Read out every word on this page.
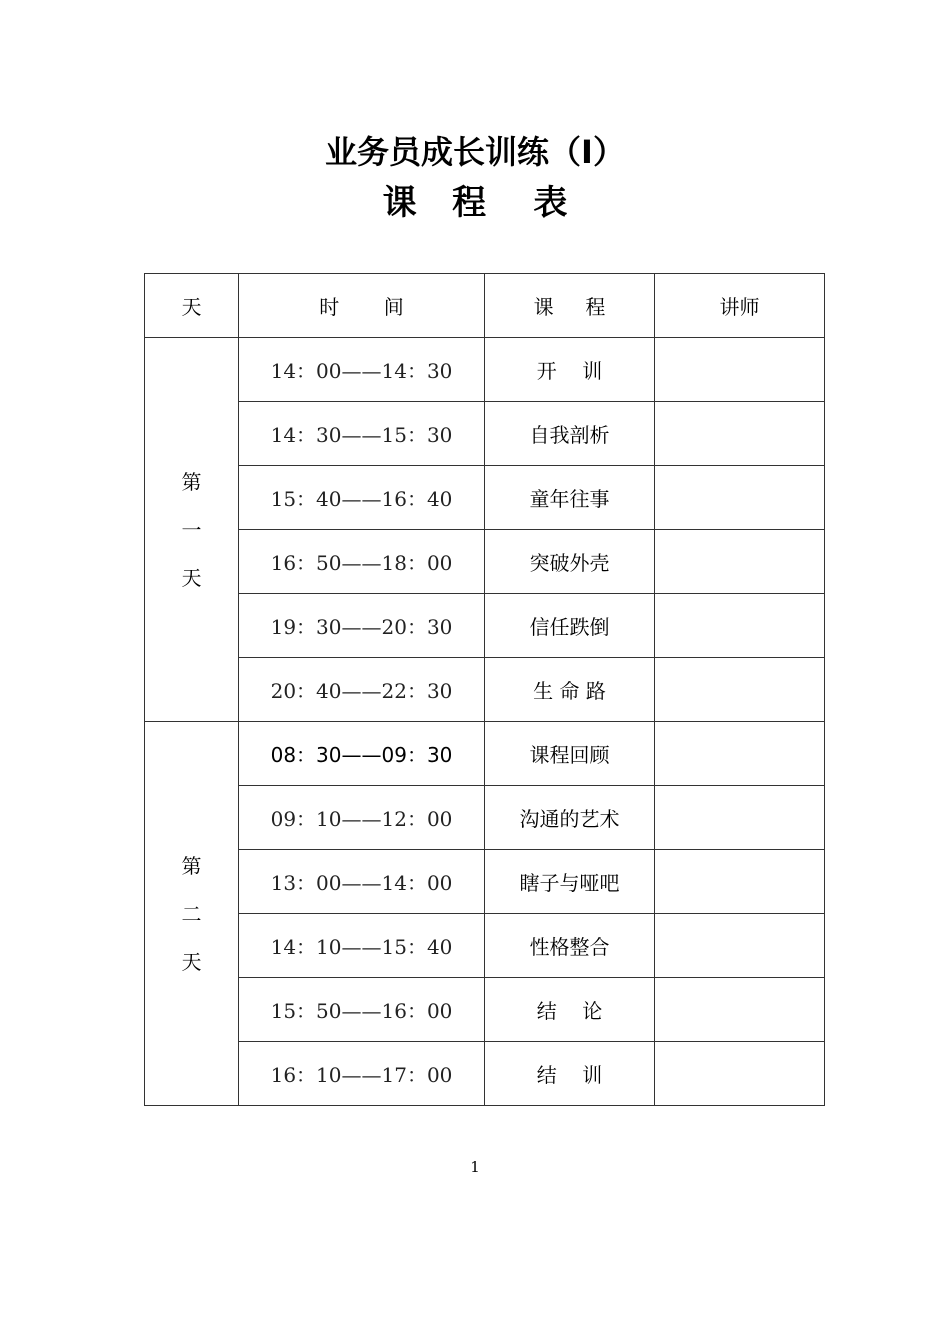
业务员成长训练（Ⅰ）
课   程    表
天	时       间	课     程	讲师
第
一
天	14：00——14：30	开    训	
	14：30——15：30	自我剖析	
	15：40——16：40	童年往事	
	16：50——18：00	突破外壳	
	19：30——20：30	信任跌倒	
	20：40——22：30	生 命 路	
第
二
天	08：30——09：30	课程回顾	
	09：10——12：00	沟通的艺术	
	13：00——14：00	瞎子与哑吧	
	14：10——15：40	性格整合	
	15：50——16：00	结    论	
	16：10——17：00	结    训	
1
